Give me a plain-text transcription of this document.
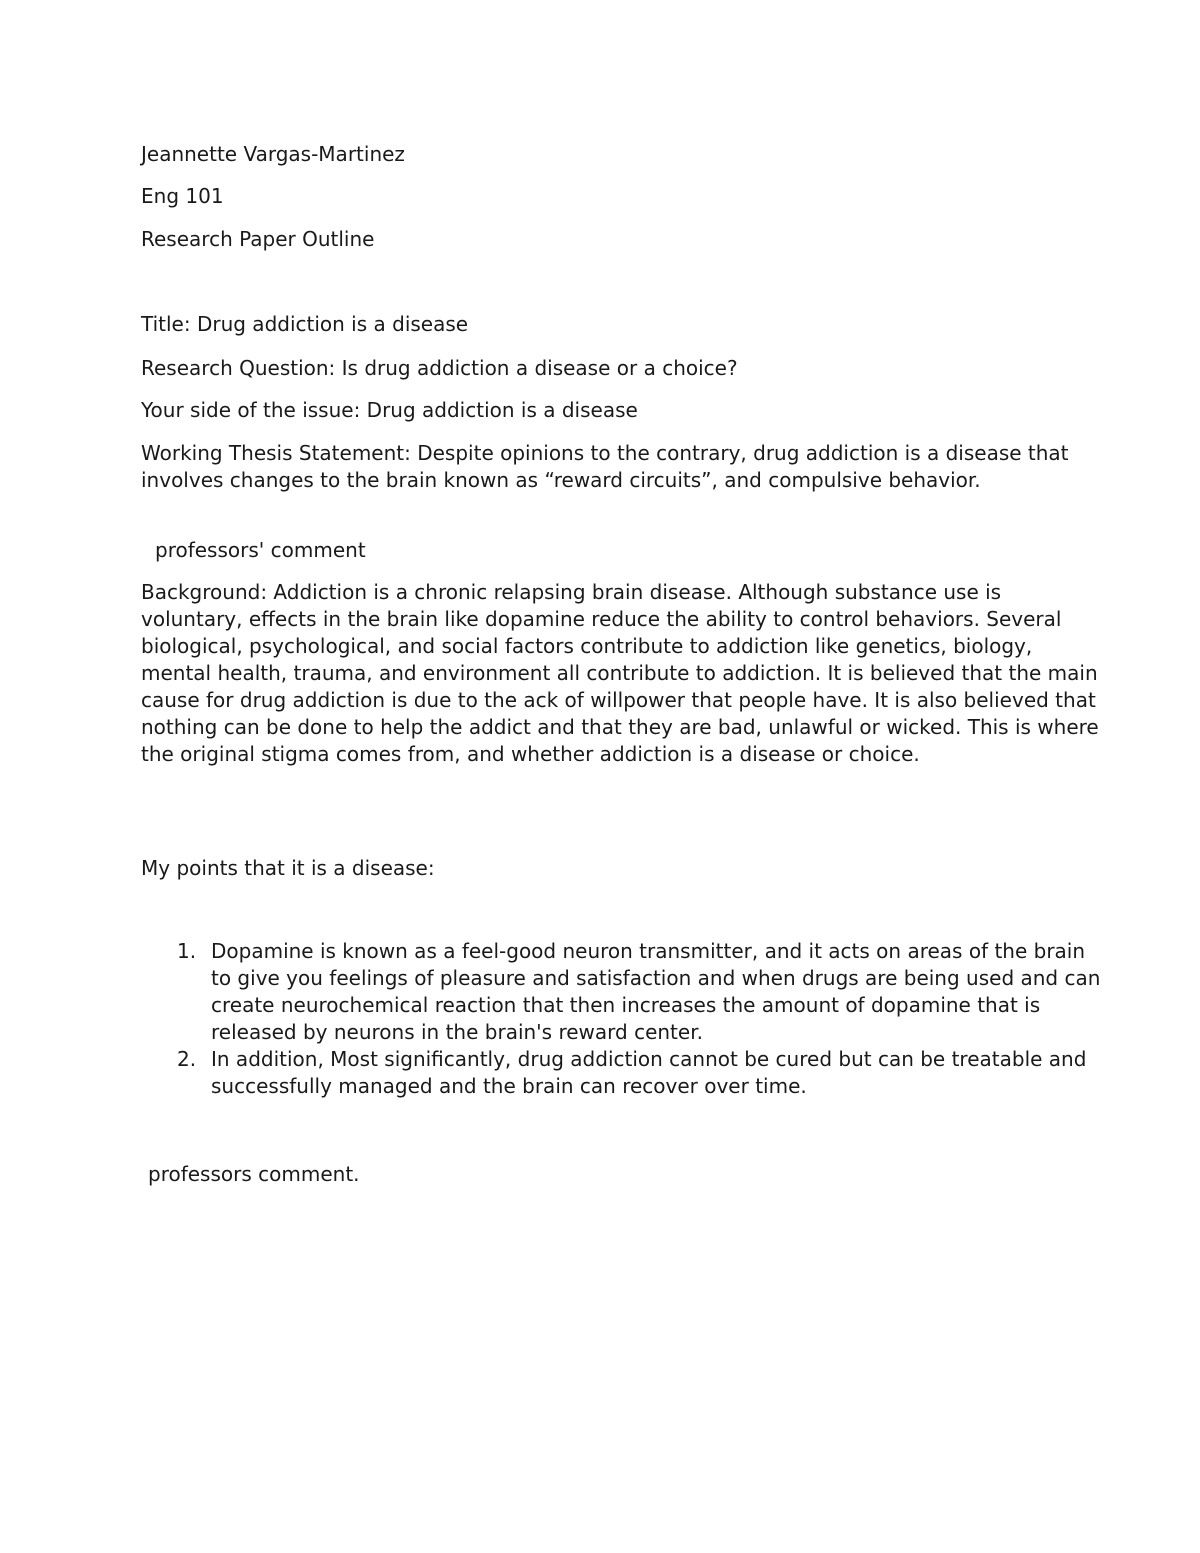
Jeannette Vargas-Martinez
Eng 101
Research Paper Outline
Title: Drug addiction is a disease
Research Question: Is drug addiction a disease or a choice?
Your side of the issue: Drug addiction is a disease
Working Thesis Statement: Despite opinions to the contrary, drug addiction is a disease that involves changes to the brain known as “reward circuits”, and compulsive behavior.
professors' comment
Background: Addiction is a chronic relapsing brain disease. Although substance use is voluntary, effects in the brain like dopamine reduce the ability to control behaviors. Several biological, psychological, and social factors contribute to addiction like genetics, biology, mental health, trauma, and environment all contribute to addiction. It is believed that the main cause for drug addiction is due to the ack of willpower that people have. It is also believed that nothing can be done to help the addict and that they are bad, unlawful or wicked. This is where the original stigma comes from, and whether addiction is a disease or choice.
My points that it is a disease:
1. Dopamine is known as a feel-good neuron transmitter, and it acts on areas of the brain to give you feelings of pleasure and satisfaction and when drugs are being used and can create neurochemical reaction that then increases the amount of dopamine that is released by neurons in the brain's reward center.
2. In addition, Most significantly, drug addiction cannot be cured but can be treatable and successfully managed and the brain can recover over time.
professors comment.
